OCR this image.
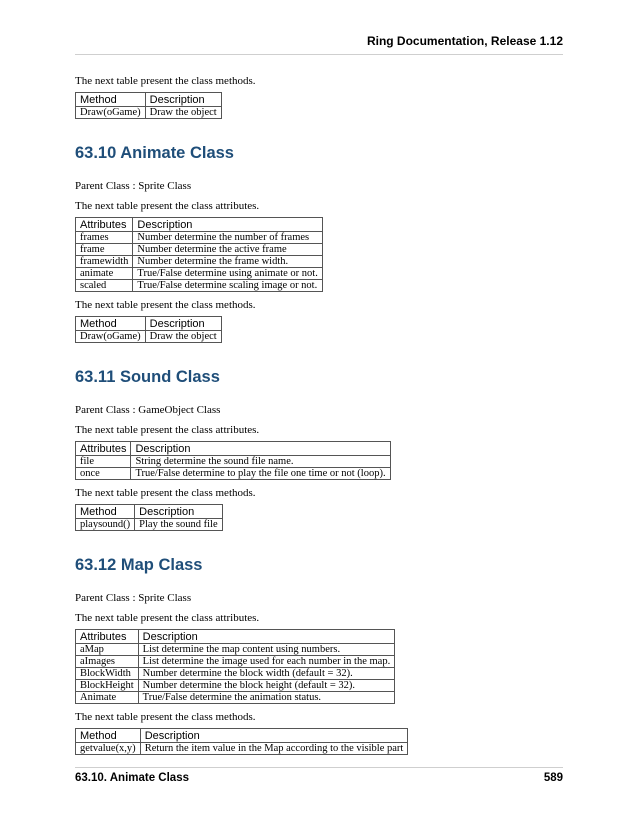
Ring Documentation, Release 1.12

The next table present the class methods.

Method	Description
Draw(oGame)	Draw the object
63.10 Animate Class

Parent Class : Sprite Class

The next table present the class attributes.

Attributes	Description
frames	Number determine the number of frames
frame	Number determine the active frame
framewidth	Number determine the frame width.
animate	True/False determine using animate or not.
scaled	True/False determine scaling image or not.

The next table present the class methods.

Method	Description
Draw(oGame)	Draw the object
63.11 Sound Class

Parent Class : GameObject Class

The next table present the class attributes.

Attributes	Description
file	String determine the sound file name.
once	True/False determine to play the file one time or not (loop).

The next table present the class methods.

Method	Description
playsound()	Play the sound file
63.12 Map Class

Parent Class : Sprite Class

The next table present the class attributes.

Attributes	Description
aMap	List determine the map content using numbers.
aImages	List determine the image used for each number in the map.
BlockWidth	Number determine the block width (default = 32).
BlockHeight	Number determine the block height (default = 32).
Animate	True/False determine the animation status.

The next table present the class methods.

Method	Description
getvalue(x,y)	Return the item value in the Map according to the visible part
63.10. Animate Class	589
